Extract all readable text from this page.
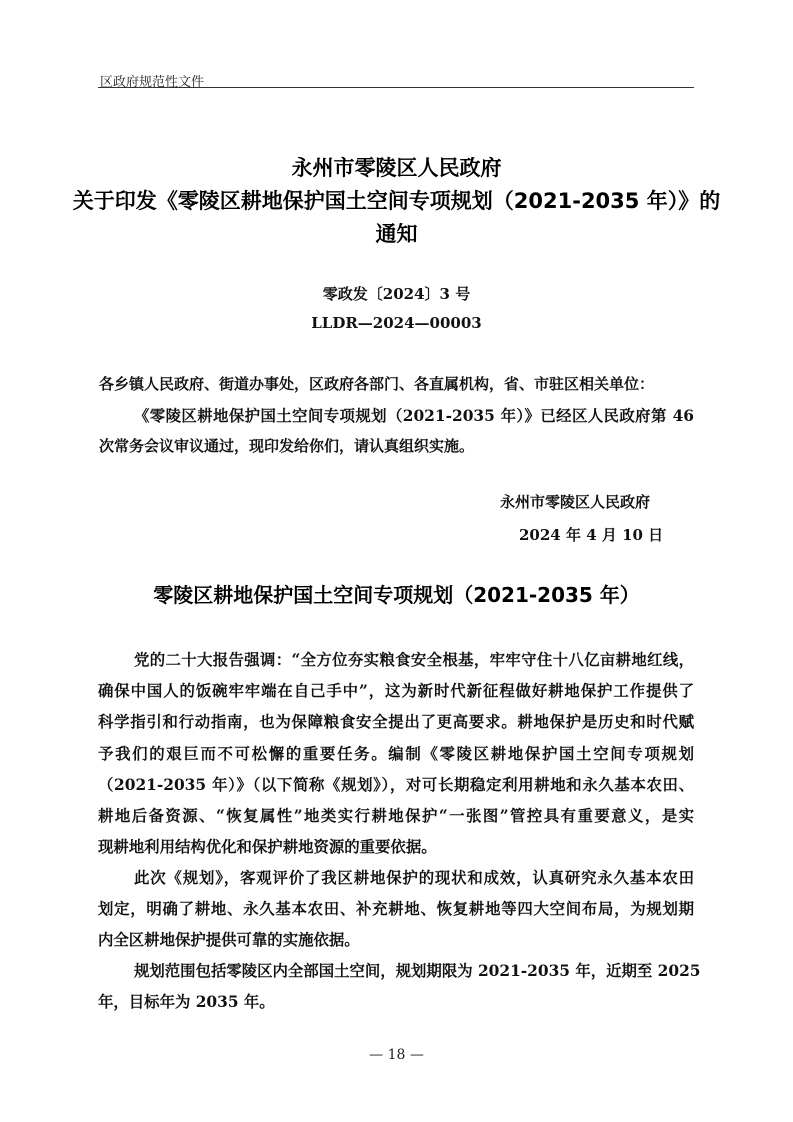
区政府规范性文件
永州市零陵区人民政府
关于印发《零陵区耕地保护国土空间专项规划（2021-2035 年）》的
通知
零政发〔2024〕3 号
LLDR—2024—00003
各乡镇人民政府、街道办事处，区政府各部门、各直属机构，省、市驻区相关单位：
《零陵区耕地保护国土空间专项规划（2021-2035 年）》已经区人民政府第 46
次常务会议审议通过，现印发给你们，请认真组织实施。
永州市零陵区人民政府
2024 年 4 月 10 日
零陵区耕地保护国土空间专项规划（2021-2035 年）
党的二十大报告强调：“全方位夯实粮食安全根基，牢牢守住十八亿亩耕地红线，
确保中国人的饭碗牢牢端在自己手中”，这为新时代新征程做好耕地保护工作提供了
科学指引和行动指南，也为保障粮食安全提出了更高要求。耕地保护是历史和时代赋
予我们的艰巨而不可松懈的重要任务。编制《零陵区耕地保护国土空间专项规划
（2021-2035 年）》（以下简称《规划》），对可长期稳定利用耕地和永久基本农田、
耕地后备资源、“恢复属性”地类实行耕地保护“一张图”管控具有重要意义，是实
现耕地利用结构优化和保护耕地资源的重要依据。
此次《规划》，客观评价了我区耕地保护的现状和成效，认真研究永久基本农田
划定，明确了耕地、永久基本农田、补充耕地、恢复耕地等四大空间布局，为规划期
内全区耕地保护提供可靠的实施依据。
规划范围包括零陵区内全部国土空间，规划期限为 2021-2035 年，近期至 2025
年，目标年为 2035 年。
— 18 —
